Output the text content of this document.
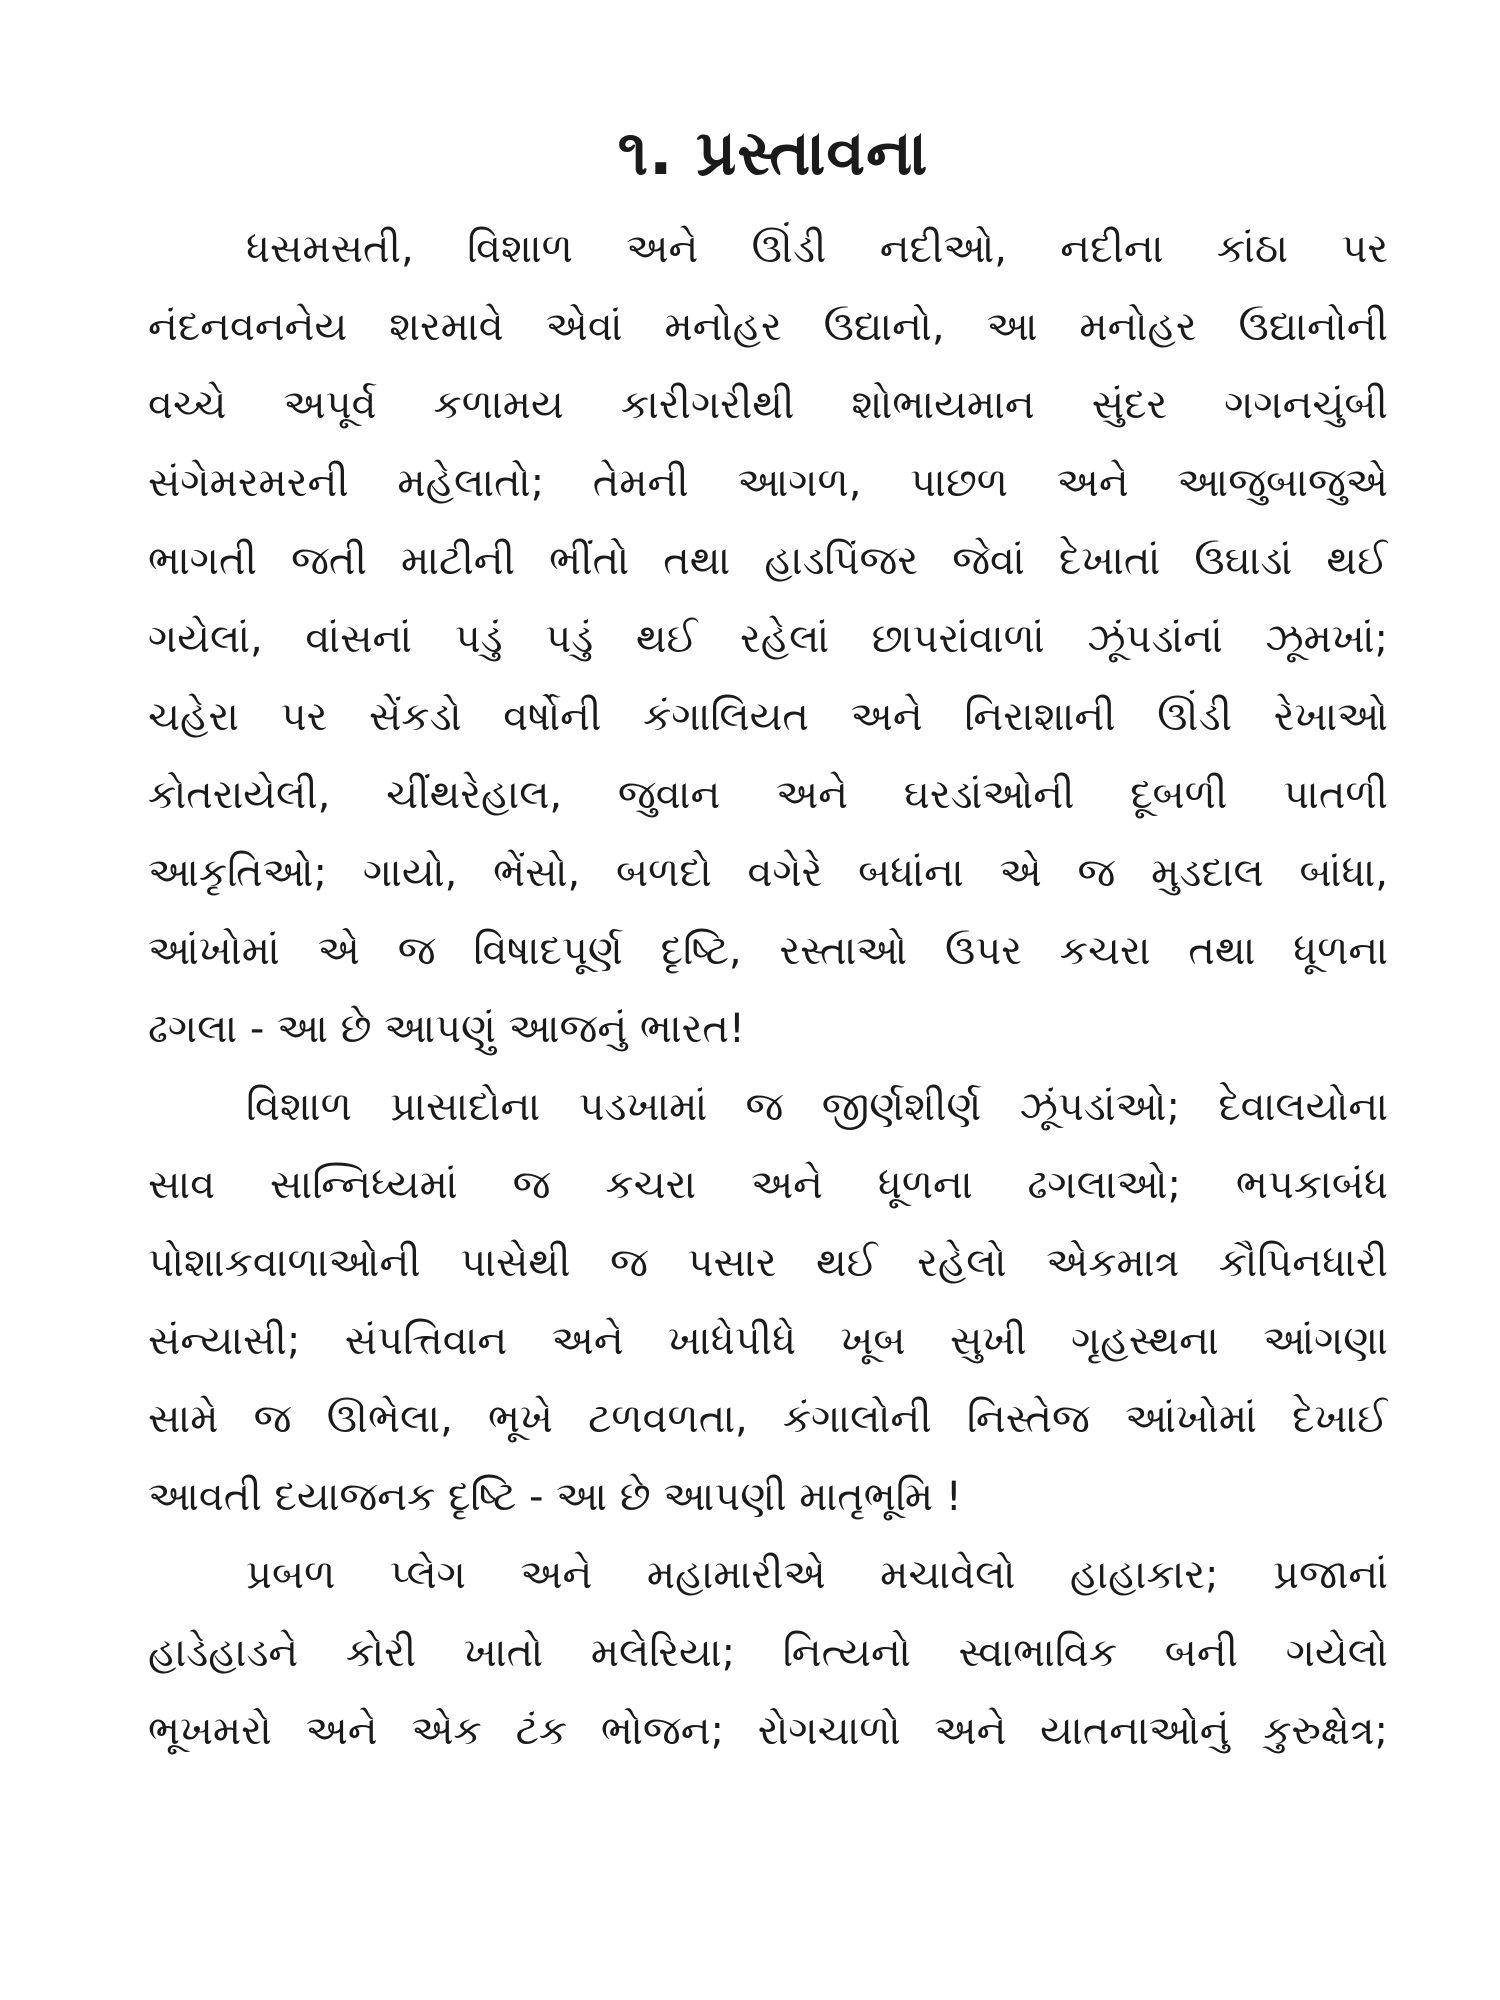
૧. પ્રસ્તાવના
ધસમસતી, વિશાળ અને ઊંડી નદીઓ, નદીના કાંઠા પર
નંદનવનનેય શરમાવે એવાં મનોહર ઉદ્યાનો, આ મનોહર ઉદ્યાનોની
વચ્ચે અપૂર્વ કળામય કારીગરીથી શોભાયમાન સુંદર ગગનચુંબી
સંગેમરમરની મહેલાતો; તેમની આગળ, પાછળ અને આજુબાજુએ
ભાગતી જતી માટીની ભીંતો તથા હાડપિંજર જેવાં દેખાતાં ઉઘાડાં થઈ
ગયેલાં, વાંસનાં પડું પડું થઈ રહેલાં છાપરાંવાળાં ઝૂંપડાંનાં ઝૂમખાં;
ચહેરા પર સેંકડો વર્ષોની કંગાલિયત અને નિરાશાની ઊંડી રેખાઓ
કોતરાયેલી, ચીંથરેહાલ, જુવાન અને ઘરડાંઓની દૂબળી પાતળી
આકૃતિઓ; ગાયો, ભેંસો, બળદો વગેરે બધાંના એ જ મુડદાલ બાંધા,
આંખોમાં એ જ વિષાદપૂર્ણ દૃષ્ટિ, રસ્તાઓ ઉપર કચરા તથા ધૂળના
ઢગલા - આ છે આપણું આજનું ભારત!
વિશાળ પ્રાસાદોના પડખામાં જ જીર્ણશીર્ણ ઝૂંપડાંઓ; દેવાલયોના
સાવ સાન્નિધ્યમાં જ કચરા અને ધૂળના ઢગલાઓ; ભપકાબંધ
પોશાકવાળાઓની પાસેથી જ પસાર થઈ રહેલો એકમાત્ર કૌપિનધારી
સંન્યાસી; સંપત્તિવાન અને ખાધેપીધે ખૂબ સુખી ગૃહસ્થના આંગણા
સામે જ ઊભેલા, ભૂખે ટળવળતા, કંગાલોની નિસ્તેજ આંખોમાં દેખાઈ
આવતી દયાજનક દૃષ્ટિ - આ છે આપણી માતૃભૂમિ !
પ્રબળ પ્લેગ અને મહામારીએ મચાવેલો હાહાકાર; પ્રજાનાં
હાડેહાડને કોરી ખાતો મલેરિયા; નિત્યનો સ્વાભાવિક બની ગયેલો
ભૂખમરો અને એક ટંક ભોજન; રોગચાળો અને યાતનાઓનું કુરુક્ષેત્ર;
